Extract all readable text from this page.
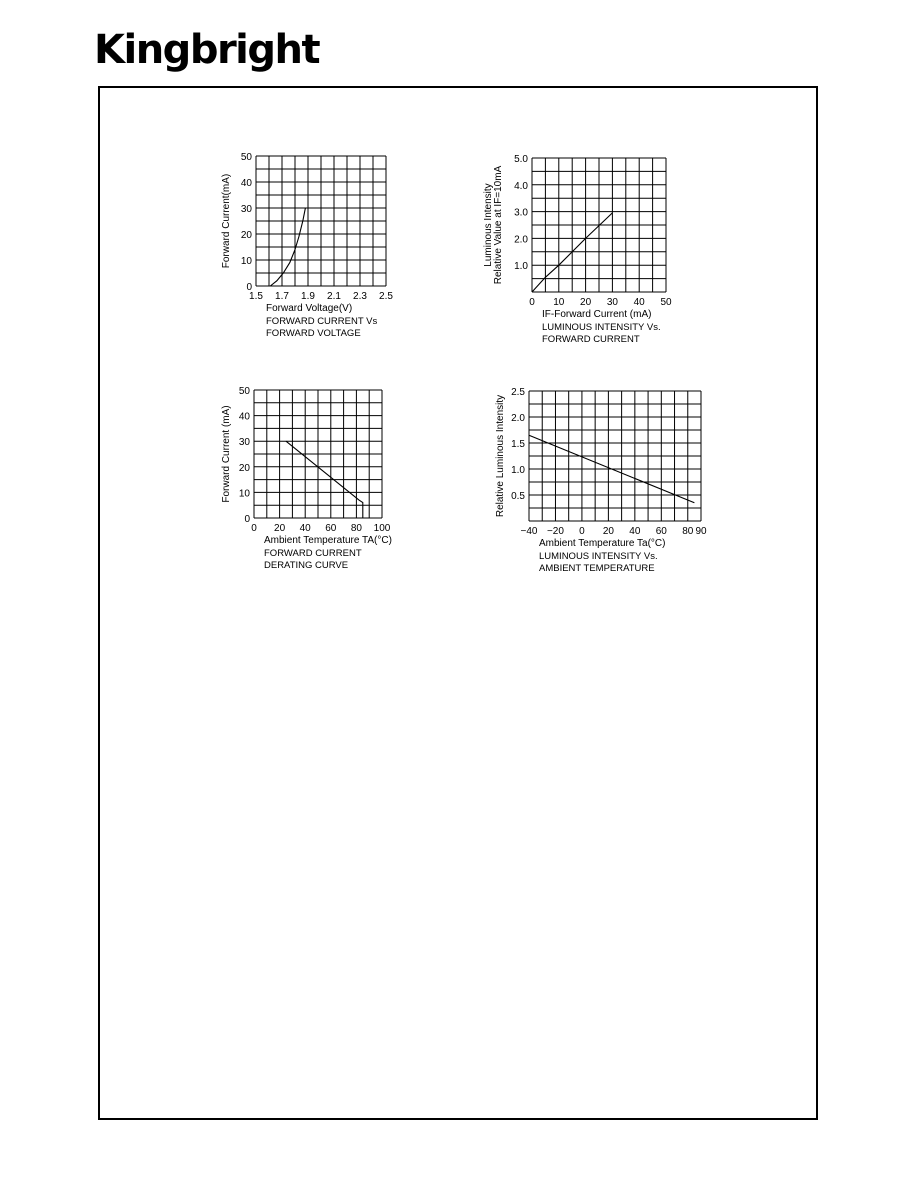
Kingbright
1.5 1.7 1.9 2.1 2.3 2.5
0
10
20
30
40
50
Forward Current(mA)
Forward Voltage(V)
FORWARD CURRENT Vs
FORWARD VOLTAGE
0 10 20 30 40 50
1.0
2.0
3.0
4.0
5.0
Luminous Intensity Relative Value at IF=10mA
IF-Forward Current (mA)
LUMINOUS INTENSITY Vs.
FORWARD CURRENT
0 20 40 60 80 100
0
10
20
30
40
50
Forward Current (mA)
Ambient Temperature TA(°C)
FORWARD CURRENT
DERATING CURVE
−40 −20 0 20 40 60 80 90
0.5
1.0
1.5
2.0
2.5
Relative Luminous Intensity
Ambient Temperature Ta(°C)
LUMINOUS INTENSITY Vs.
AMBIENT TEMPERATURE
